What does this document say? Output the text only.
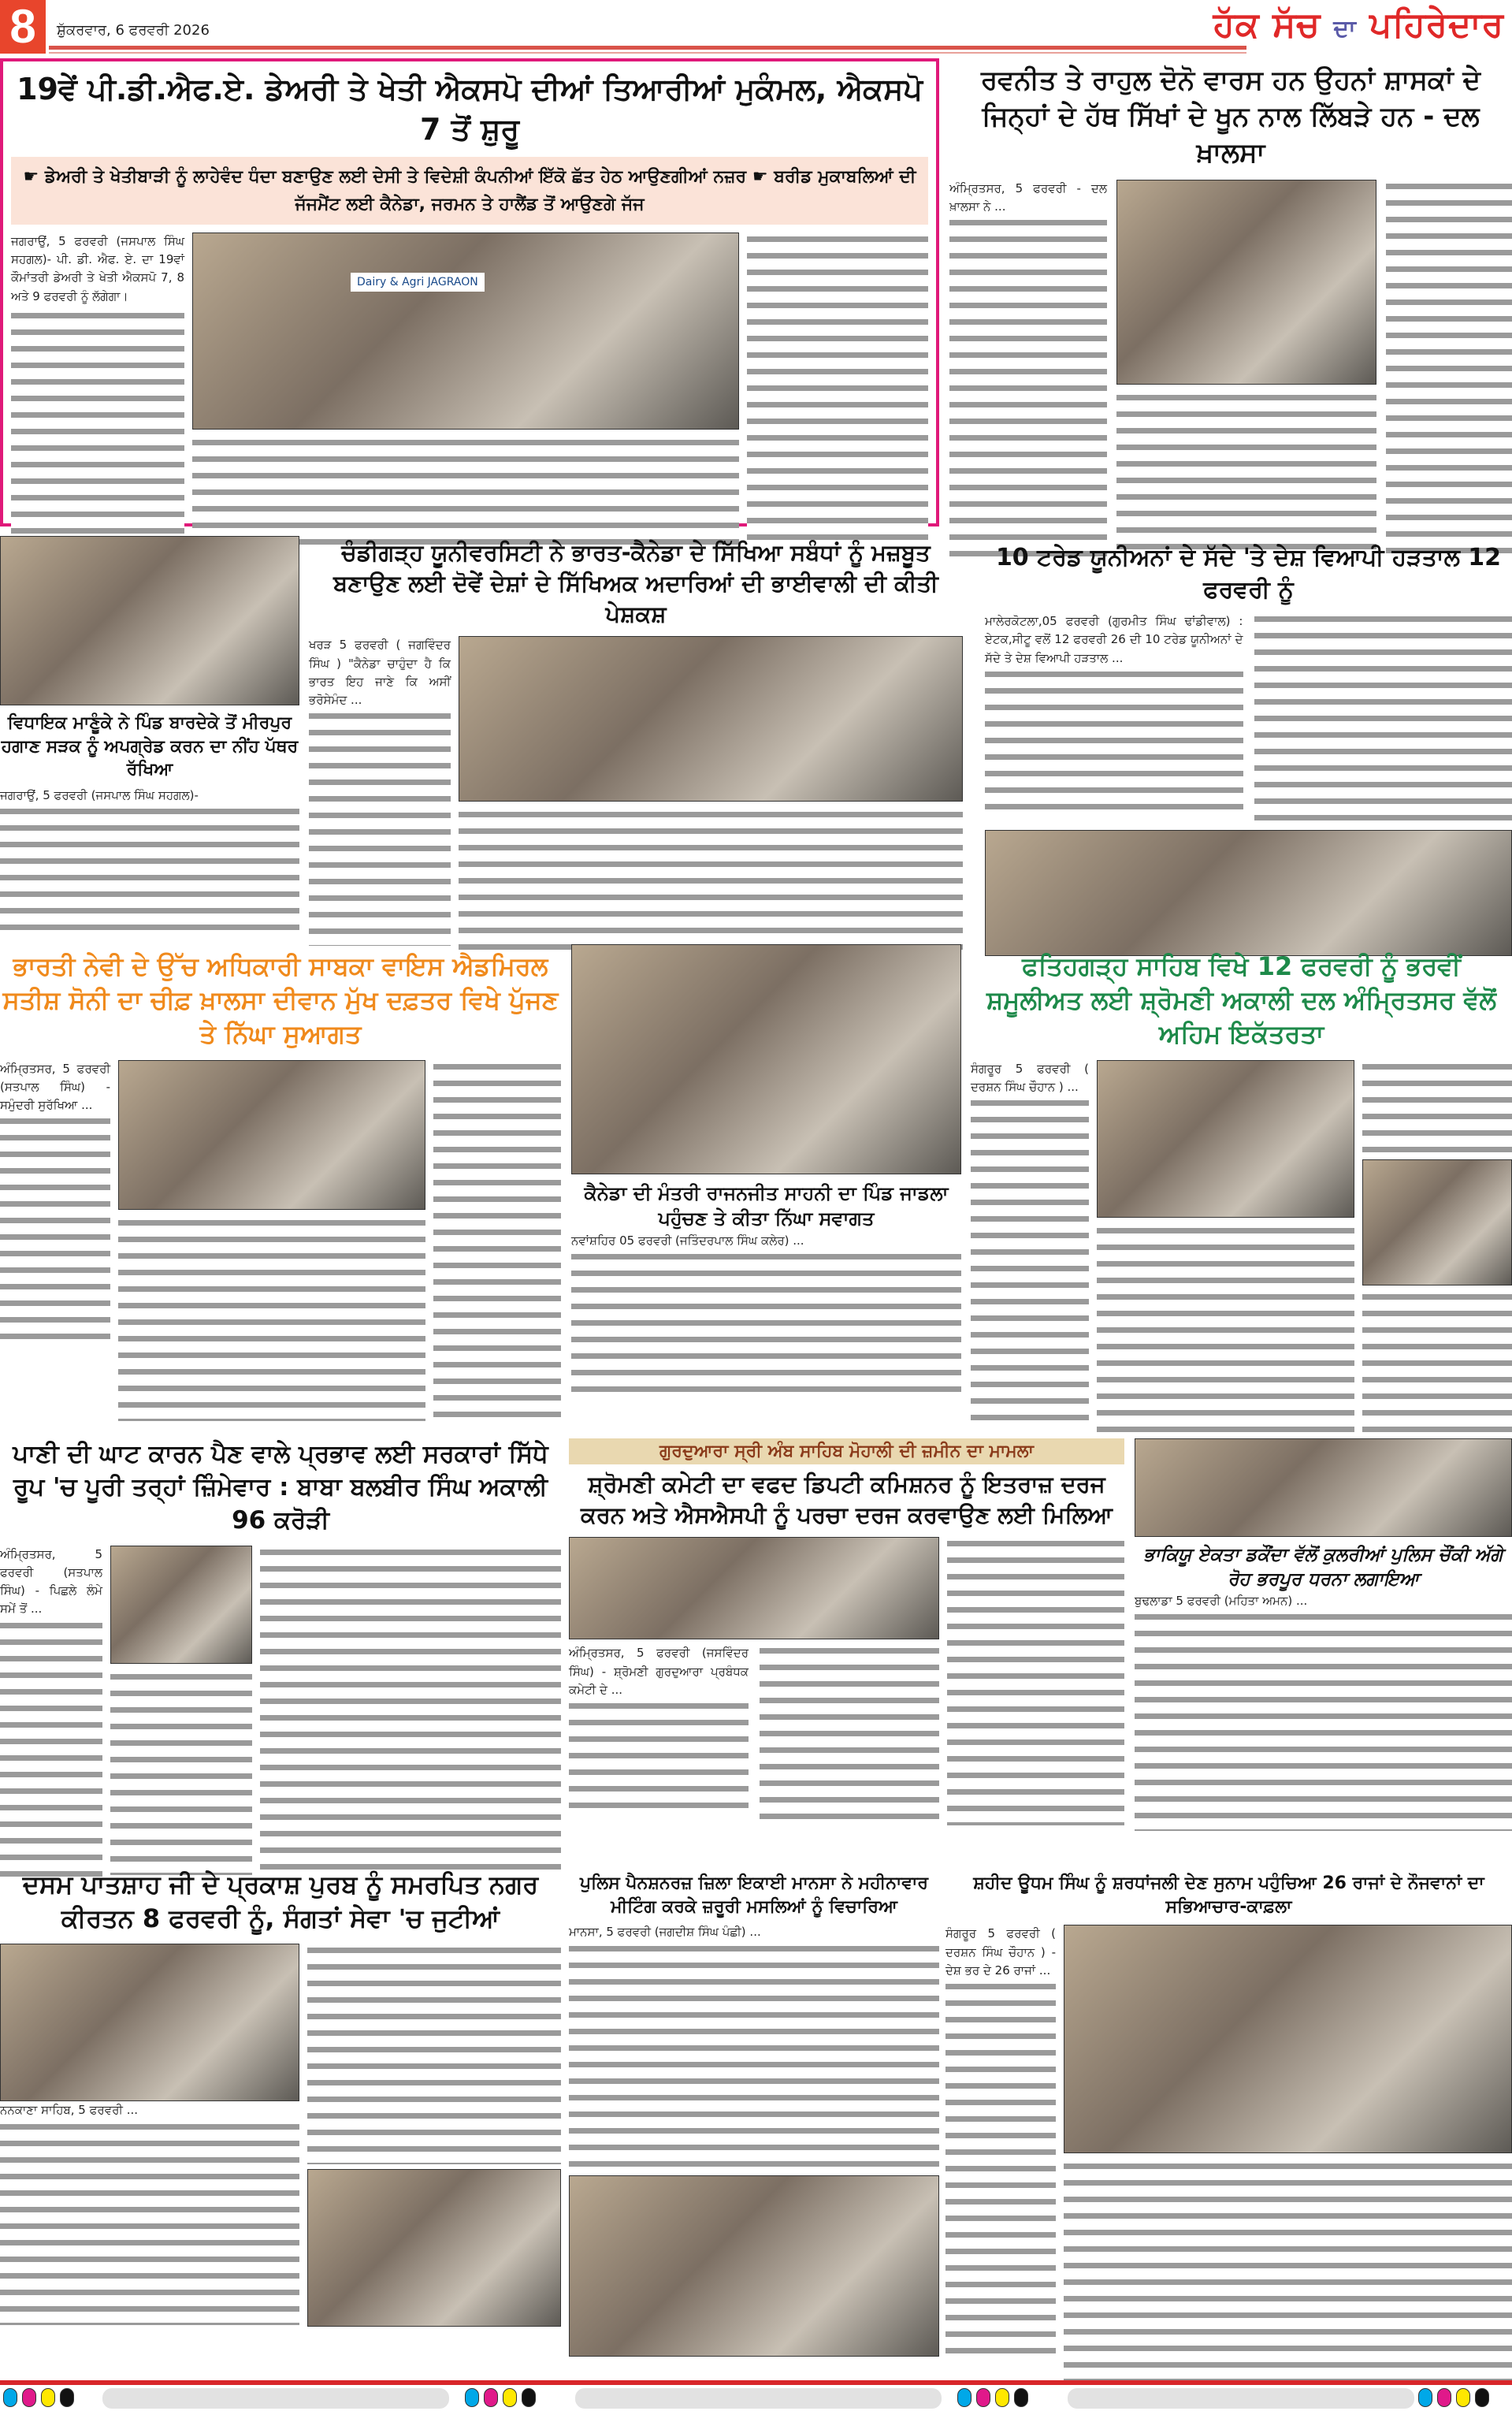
8	ਸ਼ੁੱਕਰਵਾਰ, 6 ਫਰਵਰੀ 2026	ਹੱਕ ਸੱਚ ਦਾ ਪਹਿਰੇਦਾਰ
19ਵੇਂ ਪੀ.ਡੀ.ਐਫ.ਏ. ਡੇਅਰੀ ਤੇ ਖੇਤੀ ਐਕਸਪੋ ਦੀਆਂ ਤਿਆਰੀਆਂ ਮੁਕੰਮਲ, ਐਕਸਪੋ 7 ਤੋਂ ਸ਼ੁਰੂ
☛ ਡੇਅਰੀ ਤੇ ਖੇਤੀਬਾੜੀ ਨੂੰ ਲਾਹੇਵੰਦ ਧੰਦਾ ਬਣਾਉਣ ਲਈ ਦੇਸੀ ਤੇ ਵਿਦੇਸ਼ੀ ਕੰਪਨੀਆਂ ਇੱਕੋ ਛੱਤ ਹੇਠ ਆਉਣਗੀਆਂ ਨਜ਼ਰ ☛ ਬਰੀਡ ਮੁਕਾਬਲਿਆਂ ਦੀ ਜੱਜਮੈਂਟ ਲਈ ਕੈਨੇਡਾ, ਜਰਮਨ ਤੇ ਹਾਲੈਂਡ ਤੋਂ ਆਉਣਗੇ ਜੱਜ
ਜਗਰਾਉਂ, 5 ਫਰਵਰੀ (ਜਸਪਾਲ ਸਿੰਘ ਸਹਗਲ)- ਪੀ. ਡੀ. ਐਫ. ਏ. ਦਾ 19ਵਾਂ ਕੌਮਾਂਤਰੀ ਡੇਅਰੀ ਤੇ ਖੇਤੀ ਐਕਸਪੋ 7, 8 ਅਤੇ 9 ਫਰਵਰੀ ਨੂੰ ਲੱਗੇਗਾ।
Dairy & Agri JAGRAON
ਰਵਨੀਤ ਤੇ ਰਾਹੁਲ ਦੋਨੋ ਵਾਰਸ ਹਨ ਉਹਨਾਂ ਸ਼ਾਸਕਾਂ ਦੇ ਜਿਨ੍ਹਾਂ ਦੇ ਹੱਥ ਸਿੱਖਾਂ ਦੇ ਖੂਨ ਨਾਲ ਲਿੱਬੜੇ ਹਨ - ਦਲ ਖ਼ਾਲਸਾ
ਅੰਮ੍ਰਿਤਸਰ, 5 ਫਰਵਰੀ - ਦਲ ਖ਼ਾਲਸਾ ਨੇ ...
ਵਿਧਾਇਕ ਮਾਣੂੰਕੇ ਨੇ ਪਿੰਡ ਬਾਰਦੇਕੇ ਤੋਂ ਮੀਰਪੁਰ ਹਗਾਣ ਸੜਕ ਨੂੰ ਅਪਗ੍ਰੇਡ ਕਰਨ ਦਾ ਨੀਂਹ ਪੱਥਰ ਰੱਖਿਆ
ਜਗਰਾਉਂ, 5 ਫਰਵਰੀ (ਜਸਪਾਲ ਸਿੰਘ ਸਹਗਲ)-
ਚੰਡੀਗੜ੍ਹ ਯੂਨੀਵਰਸਿਟੀ ਨੇ ਭਾਰਤ-ਕੈਨੇਡਾ ਦੇ ਸਿੱਖਿਆ ਸਬੰਧਾਂ ਨੂੰ ਮਜ਼ਬੂਤ ਬਣਾਉਣ ਲਈ ਦੋਵੇਂ ਦੇਸ਼ਾਂ ਦੇ ਸਿੱਖਿਅਕ ਅਦਾਰਿਆਂ ਦੀ ਭਾਈਵਾਲੀ ਦੀ ਕੀਤੀ ਪੇਸ਼ਕਸ਼
ਖਰੜ 5 ਫਰਵਰੀ ( ਜਗਵਿੰਦਰ ਸਿੰਘ ) "ਕੈਨੇਡਾ ਚਾਹੁੰਦਾ ਹੈ ਕਿ ਭਾਰਤ ਇਹ ਜਾਣੇ ਕਿ ਅਸੀਂ ਭਰੋਸੇਮੰਦ ...
10 ਟਰੇਡ ਯੂਨੀਅਨਾਂ ਦੇ ਸੱਦੇ 'ਤੇ ਦੇਸ਼ ਵਿਆਪੀ ਹੜਤਾਲ 12 ਫਰਵਰੀ ਨੂੰ
ਮਾਲੇਰਕੋਟਲਾ,05 ਫਰਵਰੀ (ਗੁਰਮੀਤ ਸਿੰਘ ਢਾਂਡੀਵਾਲ) : ਏਟਕ,ਸੀਟੂ ਵਲੋਂ 12 ਫਰਵਰੀ 26 ਦੀ 10 ਟਰੇਡ ਯੂਨੀਅਨਾਂ ਦੇ ਸੱਦੇ ਤੇ ਦੇਸ਼ ਵਿਆਪੀ ਹੜਤਾਲ ...
ਭਾਰਤੀ ਨੇਵੀ ਦੇ ਉੱਚ ਅਧਿਕਾਰੀ ਸਾਬਕਾ ਵਾਇਸ ਐਡਮਿਰਲ ਸਤੀਸ਼ ਸੋਨੀ ਦਾ ਚੀਫ਼ ਖ਼ਾਲਸਾ ਦੀਵਾਨ ਮੁੱਖ ਦਫ਼ਤਰ ਵਿਖੇ ਪੁੱਜਣ ਤੇ ਨਿੱਘਾ ਸੁਆਗਤ
ਅੰਮ੍ਰਿਤਸਰ, 5 ਫਰਵਰੀ (ਸਤਪਾਲ ਸਿੰਘ) - ਸਮੁੰਦਰੀ ਸੁਰੱਖਿਆ ...
ਕੈਨੇਡਾ ਦੀ ਮੰਤਰੀ ਰਾਜਨਜੀਤ ਸਾਹਨੀ ਦਾ ਪਿੰਡ ਜਾਡਲਾ ਪਹੁੰਚਣ ਤੇ ਕੀਤਾ ਨਿੱਘਾ ਸਵਾਗਤ
ਨਵਾਂਸ਼ਹਿਰ 05 ਫਰਵਰੀ (ਜਤਿੰਦਰਪਾਲ ਸਿੰਘ ਕਲੇਰ) ...
ਫਤਿਹਗੜ੍ਹ ਸਾਹਿਬ ਵਿਖੇ 12 ਫਰਵਰੀ ਨੂੰ ਭਰਵੀਂ ਸ਼ਮੂਲੀਅਤ ਲਈ ਸ਼੍ਰੋਮਣੀ ਅਕਾਲੀ ਦਲ ਅੰਮ੍ਰਿਤਸਰ ਵੱਲੋਂ ਅਹਿਮ ਇਕੱਤਰਤਾ
ਸੰਗਰੂਰ 5 ਫਰਵਰੀ ( ਦਰਸ਼ਨ ਸਿੰਘ ਚੌਹਾਨ ) ...
ਪਾਣੀ ਦੀ ਘਾਟ ਕਾਰਨ ਪੈਣ ਵਾਲੇ ਪ੍ਰਭਾਵ ਲਈ ਸਰਕਾਰਾਂ ਸਿੱਧੇ ਰੂਪ 'ਚ ਪੂਰੀ ਤਰ੍ਹਾਂ ਜ਼ਿੰਮੇਵਾਰ : ਬਾਬਾ ਬਲਬੀਰ ਸਿੰਘ ਅਕਾਲੀ 96 ਕਰੋੜੀ
ਅੰਮ੍ਰਿਤਸਰ, 5 ਫਰਵਰੀ (ਸਤਪਾਲ ਸਿੰਘ) - ਪਿਛਲੇ ਲੰਮੇ ਸਮੇਂ ਤੋਂ ...
ਗੁਰਦੁਆਰਾ ਸ੍ਰੀ ਅੰਬ ਸਾਹਿਬ ਮੋਹਾਲੀ ਦੀ ਜ਼ਮੀਨ ਦਾ ਮਾਮਲਾ
ਸ਼੍ਰੋਮਣੀ ਕਮੇਟੀ ਦਾ ਵਫਦ ਡਿਪਟੀ ਕਮਿਸ਼ਨਰ ਨੂੰ ਇਤਰਾਜ਼ ਦਰਜ ਕਰਨ ਅਤੇ ਐਸਐਸਪੀ ਨੂੰ ਪਰਚਾ ਦਰਜ ਕਰਵਾਉਣ ਲਈ ਮਿਲਿਆ
ਅੰਮ੍ਰਿਤਸਰ, 5 ਫਰਵਰੀ (ਜਸਵਿੰਦਰ ਸਿੰਘ) - ਸ਼੍ਰੋਮਣੀ ਗੁਰਦੁਆਰਾ ਪ੍ਰਬੰਧਕ ਕਮੇਟੀ ਦੇ ...
ਭਾਕਿਯੂ ਏਕਤਾ ਡਕੌਂਦਾ ਵੱਲੋਂ ਕੁਲਰੀਆਂ ਪੁਲਿਸ ਚੌਂਕੀ ਅੱਗੇ ਰੋਹ ਭਰਪੂਰ ਧਰਨਾ ਲਗਾਇਆ
ਬੁਢਲਾਡਾ 5 ਫਰਵਰੀ (ਮਹਿਤਾ ਅਮਨ) ...
ਦਸਮ ਪਾਤਸ਼ਾਹ ਜੀ ਦੇ ਪ੍ਰਕਾਸ਼ ਪੁਰਬ ਨੂੰ ਸਮਰਪਿਤ ਨਗਰ ਕੀਰਤਨ 8 ਫਰਵਰੀ ਨੂੰ, ਸੰਗਤਾਂ ਸੇਵਾ 'ਚ ਜੁਟੀਆਂ
ਨਨਕਾਣਾ ਸਾਹਿਬ, 5 ਫਰਵਰੀ ...
ਪੁਲਿਸ ਪੈਨਸ਼ਨਰਜ਼ ਜ਼ਿਲਾ ਇਕਾਈ ਮਾਨਸਾ ਨੇ ਮਹੀਨਾਵਾਰ ਮੀਟਿੰਗ ਕਰਕੇ ਜ਼ਰੂਰੀ ਮਸਲਿਆਂ ਨੂੰ ਵਿਚਾਰਿਆ
ਮਾਨਸਾ, 5 ਫਰਵਰੀ (ਜਗਦੀਸ਼ ਸਿੰਘ ਪੰਛੀ) ...
ਸ਼ਹੀਦ ਊਧਮ ਸਿੰਘ ਨੂੰ ਸ਼ਰਧਾਂਜਲੀ ਦੇਣ ਸੁਨਾਮ ਪਹੁੰਚਿਆ 26 ਰਾਜਾਂ ਦੇ ਨੌਜਵਾਨਾਂ ਦਾ ਸਭਿਆਚਾਰ-ਕਾਫ਼ਲਾ
ਸੰਗਰੂਰ 5 ਫਰਵਰੀ ( ਦਰਸ਼ਨ ਸਿੰਘ ਚੌਹਾਨ ) - ਦੇਸ਼ ਭਰ ਦੇ 26 ਰਾਜਾਂ ...
